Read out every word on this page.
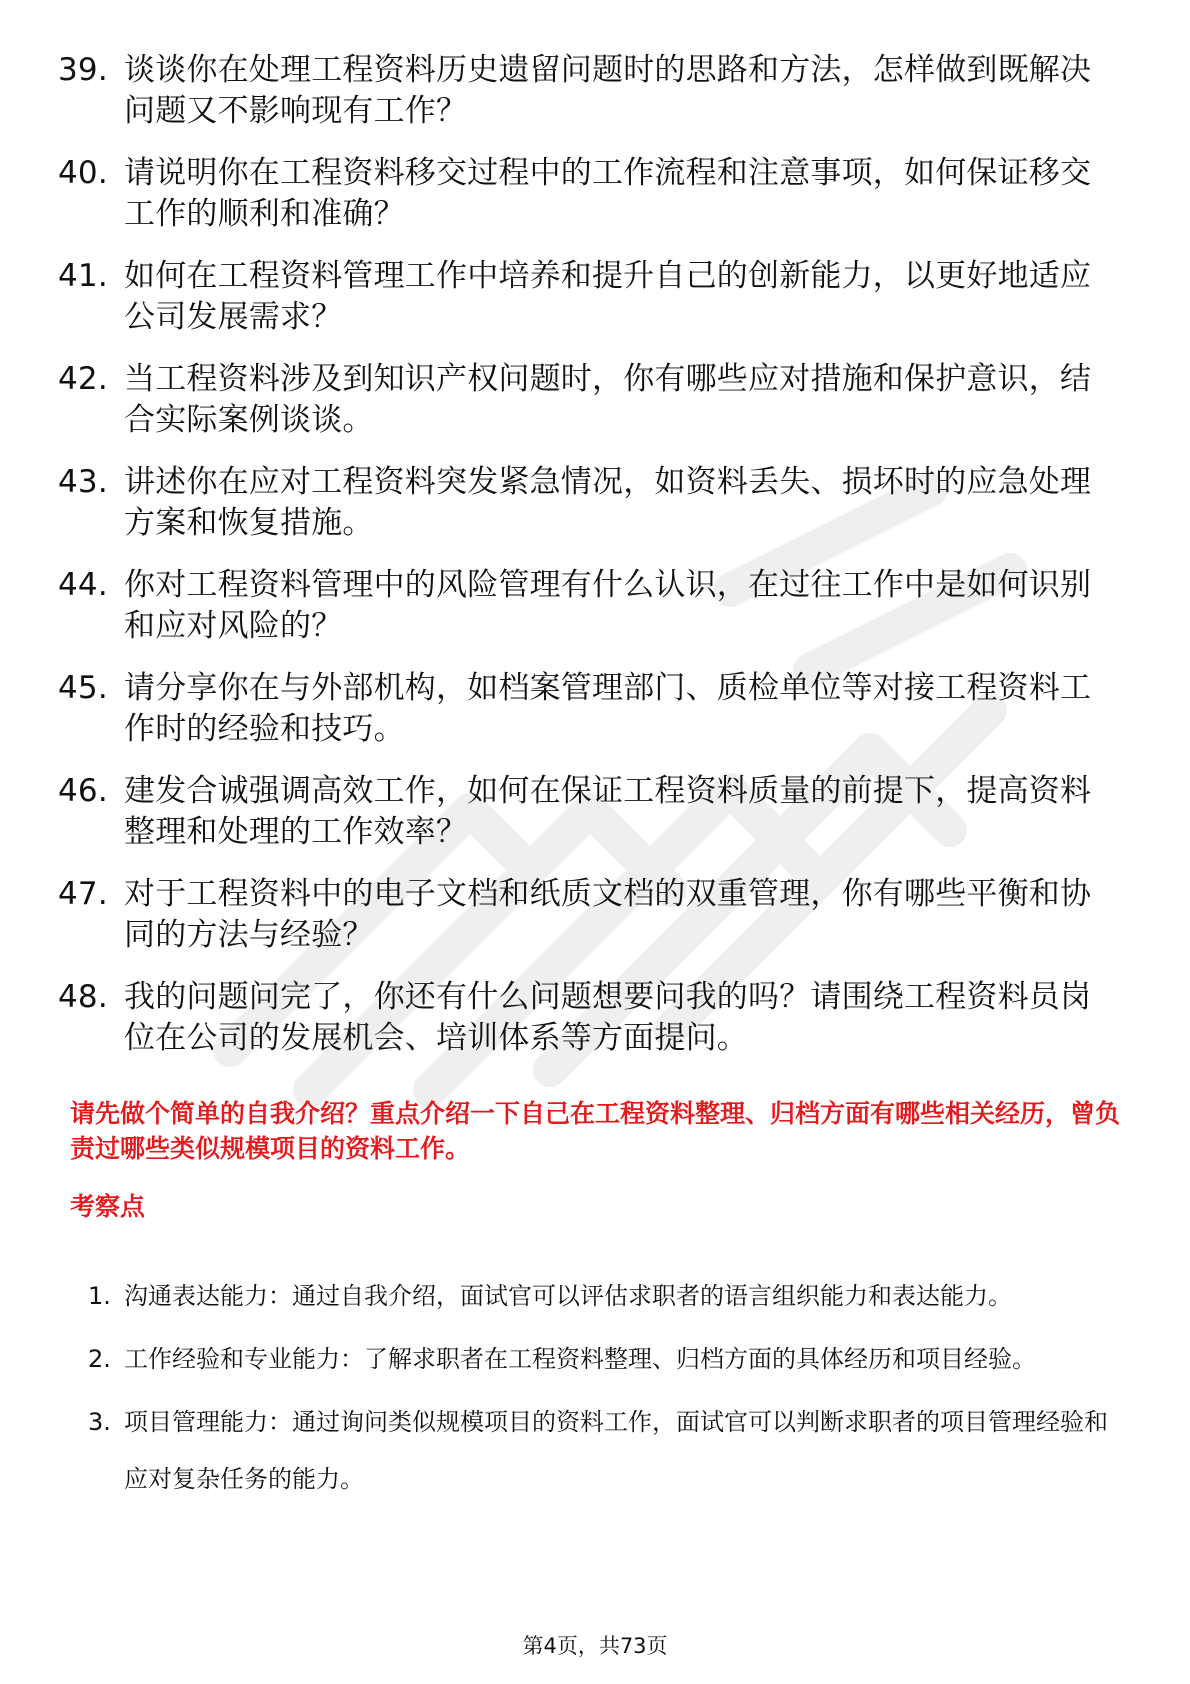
39. 谈谈你在处理工程资料历史遗留问题时的思路和方法，怎样做到既解决问题又不影响现有工作？
40. 请说明你在工程资料移交过程中的工作流程和注意事项，如何保证移交工作的顺利和准确？
41. 如何在工程资料管理工作中培养和提升自己的创新能力，以更好地适应公司发展需求？
42. 当工程资料涉及到知识产权问题时，你有哪些应对措施和保护意识，结合实际案例谈谈。
43. 讲述你在应对工程资料突发紧急情况，如资料丢失、损坏时的应急处理方案和恢复措施。
44. 你对工程资料管理中的风险管理有什么认识，在过往工作中是如何识别和应对风险的？
45. 请分享你在与外部机构，如档案管理部门、质检单位等对接工程资料工作时的经验和技巧。
46. 建发合诚强调高效工作，如何在保证工程资料质量的前提下，提高资料整理和处理的工作效率？
47. 对于工程资料中的电子文档和纸质文档的双重管理，你有哪些平衡和协同的方法与经验？
48. 我的问题问完了，你还有什么问题想要问我的吗？请围绕工程资料员岗位在公司的发展机会、培训体系等方面提问。

请先做个简单的自我介绍？重点介绍一下自己在工程资料整理、归档方面有哪些相关经历，曾负责过哪些类似规模项目的资料工作。

考察点

1. 沟通表达能力：通过自我介绍，面试官可以评估求职者的语言组织能力和表达能力。
2. 工作经验和专业能力：了解求职者在工程资料整理、归档方面的具体经历和项目经验。
3. 项目管理能力：通过询问类似规模项目的资料工作，面试官可以判断求职者的项目管理经验和应对复杂任务的能力。
第4页，共73页
